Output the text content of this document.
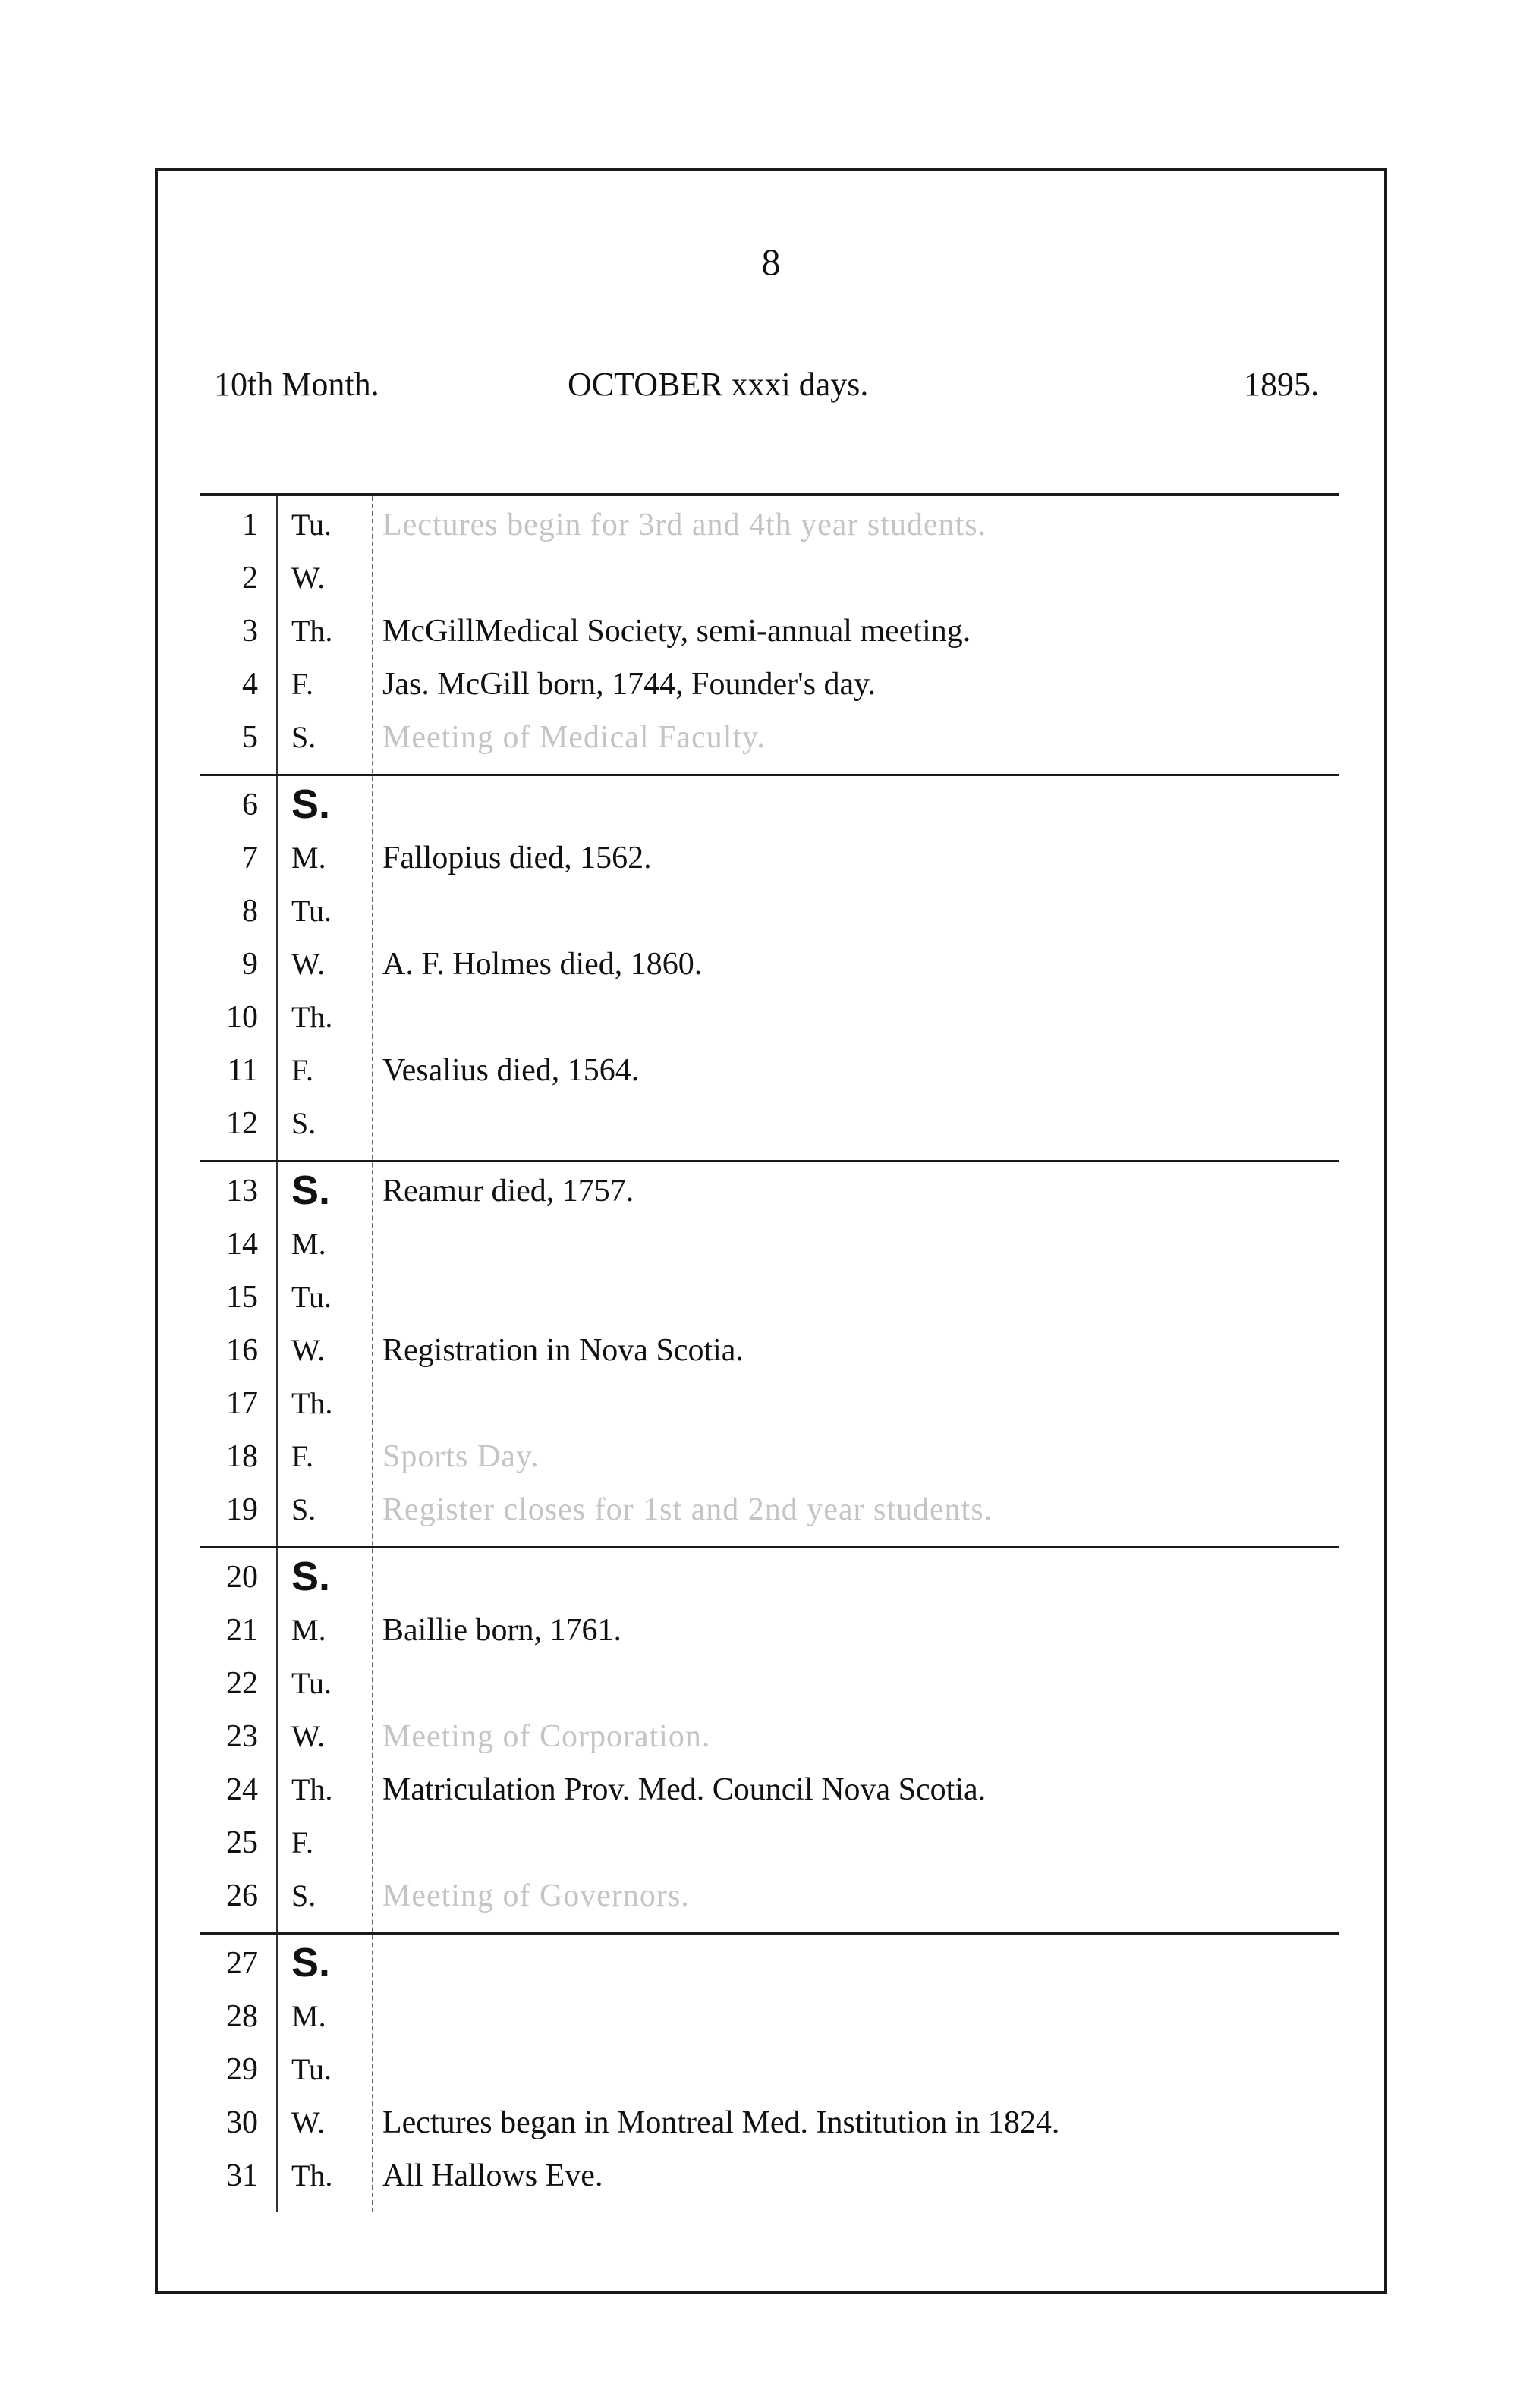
8
10th Month.	OCTOBER xxxi days.	1895.
1 Tu.	Lectures begin for 3rd and 4th year students.
2 W.
3 Th.	McGillMedical Society, semi-annual meeting.
4 F.	Jas. McGill born, 1744, Founder's day.
5 S.	Meeting of Medical Faculty.
6 S.
7 M.	Fallopius died, 1562.
8 Tu.
9 W.	A. F. Holmes died, 1860.
10 Th.
11 F.	Vesalius died, 1564.
12 S.
13 S.	Reamur died, 1757.
14 M.
15 Tu.
16 W.	Registration in Nova Scotia.
17 Th.
18 F.	Sports Day.
19 S.	Register closes for 1st and 2nd year students.
20 S.
21 M.	Baillie born, 1761.
22 Tu.
23 W.	Meeting of Corporation.
24 Th.	Matriculation Prov. Med. Council Nova Scotia.
25 F.
26 S.	Meeting of Governors.
27 S.
28 M.
29 Tu.
30 W.	Lectures began in Montreal Med. Institution in 1824.
31 Th.	All Hallows Eve.
